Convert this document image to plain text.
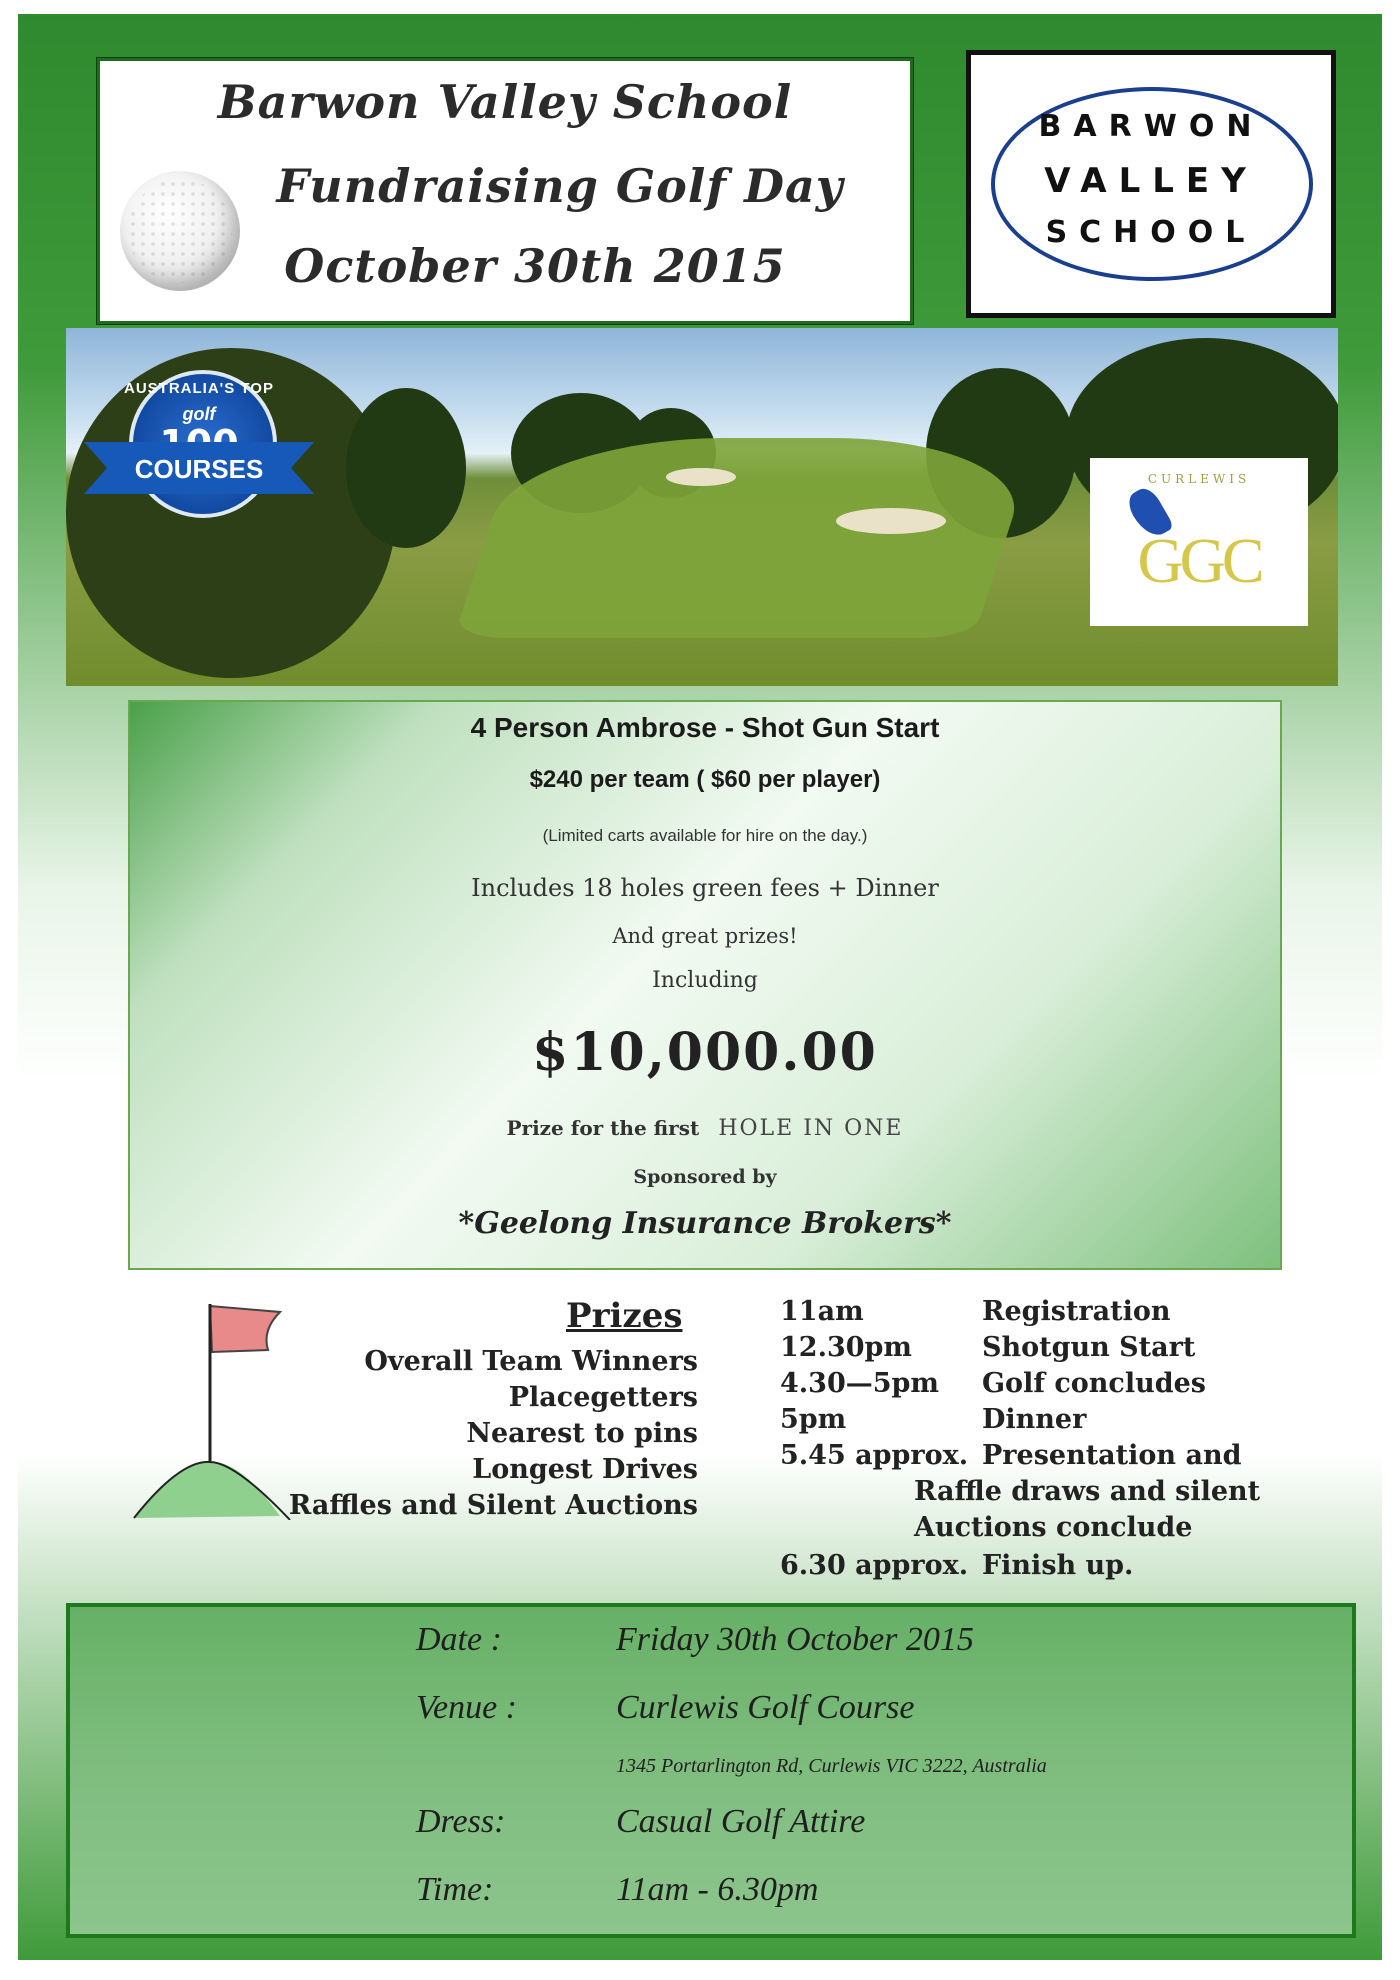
Barwon Valley School
Fundraising Golf Day
October 30th 2015
BARWON
VALLEY
SCHOOL
AUSTRALIA'S TOP
golf
COURSES	CURLEWIS
GGC
4 Person Ambrose - Shot Gun Start
$240 per team ( $60 per player)
(Limited carts available for hire on the day.)
Includes 18 holes green fees + Dinner
And great prizes!
Including
$10,000.00
Prize for the first HOLE IN ONE
Sponsored by
*Geelong Insurance Brokers*
Prizes
Overall Team Winners
Placegetters
Nearest to pins
Longest Drives
Raffles and Silent Auctions
11am	Registration
12.30pm	Shotgun Start
4.30—5pm Golf concludes
5pm	Dinner
5.45 approx. Presentation and
Raffle draws and silent
Auctions conclude
6.30 approx. Finish up.
Date :	Friday 30th October 2015
Venue :	Curlewis Golf Course
1345 Portarlington Rd, Curlewis VIC 3222, Australia
Dress:	Casual Golf Attire
Time:	11am - 6.30pm
